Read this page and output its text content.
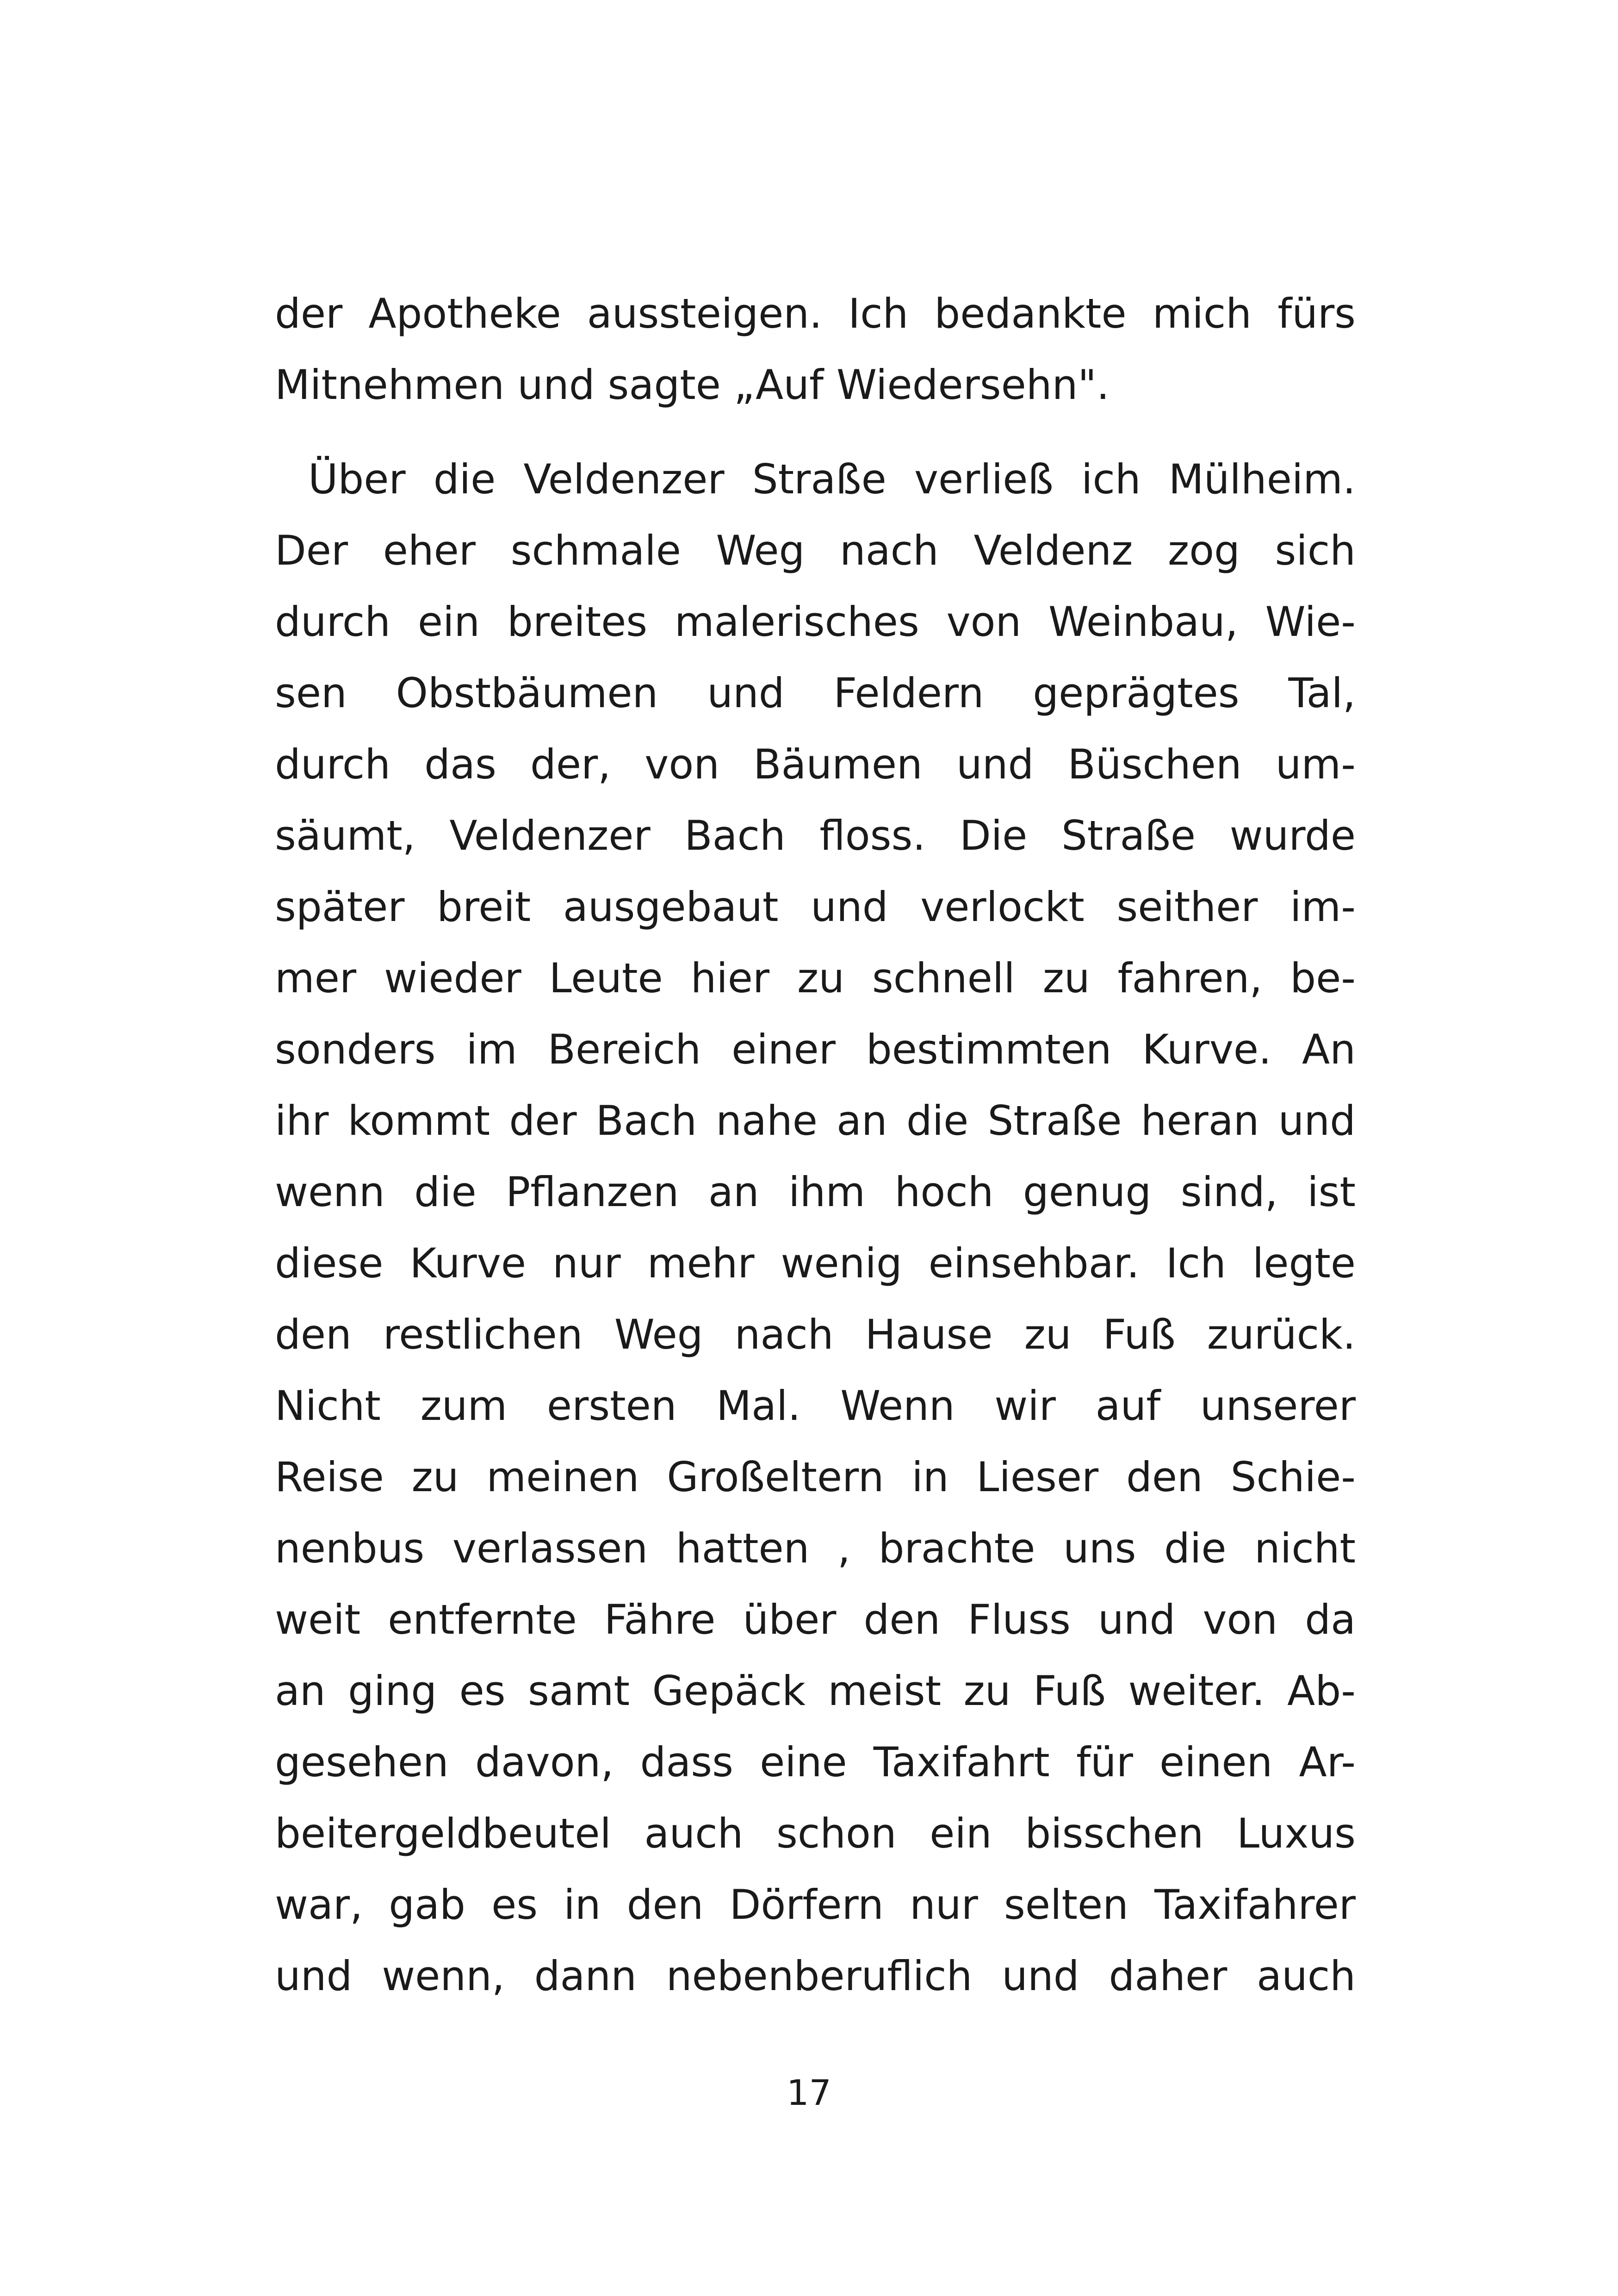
der Apotheke aussteigen. Ich bedankte mich fürs
Mitnehmen und sagte „Auf Wiedersehn".
Über die Veldenzer Straße verließ ich Mülheim.
Der eher schmale Weg nach Veldenz zog sich
durch ein breites malerisches von Weinbau, Wie-
sen Obstbäumen und Feldern geprägtes Tal,
durch das der, von Bäumen und Büschen um-
säumt, Veldenzer Bach floss. Die Straße wurde
später breit ausgebaut und verlockt seither im-
mer wieder Leute hier zu schnell zu fahren, be-
sonders im Bereich einer bestimmten Kurve. An
ihr kommt der Bach nahe an die Straße heran und
wenn die Pflanzen an ihm hoch genug sind, ist
diese Kurve nur mehr wenig einsehbar. Ich legte
den restlichen Weg nach Hause zu Fuß zurück.
Nicht zum ersten Mal. Wenn wir auf unserer
Reise zu meinen Großeltern in Lieser den Schie-
nenbus verlassen hatten , brachte uns die nicht
weit entfernte Fähre über den Fluss und von da
an ging es samt Gepäck meist zu Fuß weiter. Ab-
gesehen davon, dass eine Taxifahrt für einen Ar-
beitergeldbeutel auch schon ein bisschen Luxus
war, gab es in den Dörfern nur selten Taxifahrer
und wenn, dann nebenberuflich und daher auch
17
